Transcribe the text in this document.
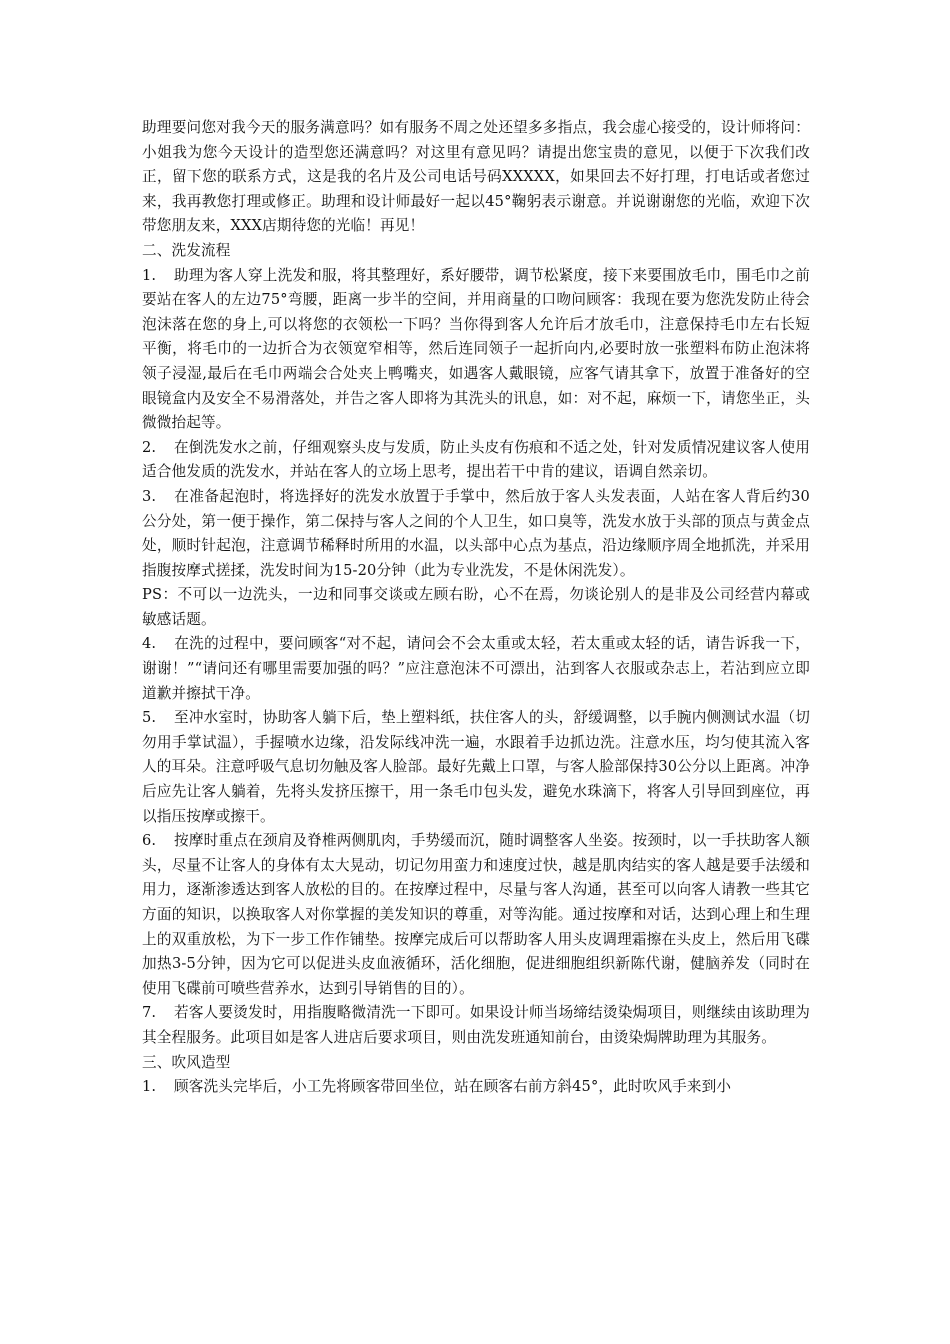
助理要问您对我今天的服务满意吗？如有服务不周之处还望多多指点，我会虚心接受的，设计师将问：小姐我为您今天设计的造型您还满意吗？对这里有意见吗？请提出您宝贵的意见，以便于下次我们改正，留下您的联系方式，这是我的名片及公司电话号码XXXXX，如果回去不好打理，打电话或者您过来，我再教您打理或修正。助理和设计师最好一起以45°鞠躬表示谢意。并说谢谢您的光临，欢迎下次带您朋友来，XXX店期待您的光临！再见！

二、洗发流程

1. 助理为客人穿上洗发和服，将其整理好，系好腰带，调节松紧度，接下来要围放毛巾，围毛巾之前要站在客人的左边75°弯腰，距离一步半的空间，并用商量的口吻问顾客：我现在要为您洗发防止待会泡沫落在您的身上,可以将您的衣领松一下吗？当你得到客人允许后才放毛巾，注意保持毛巾左右长短平衡，将毛巾的一边折合为衣领宽窄相等，然后连同领子一起折向内,必要时放一张塑料布防止泡沫将领子浸湿,最后在毛巾两端会合处夹上鸭嘴夹，如遇客人戴眼镜，应客气请其拿下，放置于准备好的空眼镜盒内及安全不易滑落处，并告之客人即将为其洗头的讯息，如：对不起，麻烦一下，请您坐正，头微微抬起等。

2. 在倒洗发水之前，仔细观察头皮与发质，防止头皮有伤痕和不适之处，针对发质情况建议客人使用适合他发质的洗发水，并站在客人的立场上思考，提出若干中肯的建议，语调自然亲切。

3. 在准备起泡时，将选择好的洗发水放置于手掌中，然后放于客人头发表面，人站在客人背后约30公分处，第一便于操作，第二保持与客人之间的个人卫生，如口臭等，洗发水放于头部的顶点与黄金点处，顺时针起泡，注意调节稀释时所用的水温，以头部中心点为基点，沿边缘顺序周全地抓洗，并采用指腹按摩式搓揉，洗发时间为15-20分钟（此为专业洗发，不是休闲洗发）。

PS：不可以一边洗头，一边和同事交谈或左顾右盼，心不在焉，勿谈论别人的是非及公司经营内幕或敏感话题。

4. 在洗的过程中，要问顾客“对不起，请问会不会太重或太轻，若太重或太轻的话，请告诉我一下，谢谢！”“请问还有哪里需要加强的吗？”应注意泡沫不可漂出，沾到客人衣服或杂志上，若沾到应立即道歉并擦拭干净。

5. 至冲水室时，协助客人躺下后，垫上塑料纸，扶住客人的头，舒缓调整，以手腕内侧测试水温（切勿用手掌试温），手握喷水边缘，沿发际线冲洗一遍，水跟着手边抓边洗。注意水压，均匀使其流入客人的耳朵。注意呼吸气息切勿触及客人脸部。最好先戴上口罩，与客人脸部保持30公分以上距离。冲净后应先让客人躺着，先将头发挤压擦干，用一条毛巾包头发，避免水珠滴下，将客人引导回到座位，再以指压按摩或擦干。

6. 按摩时重点在颈肩及脊椎两侧肌肉，手势缓而沉，随时调整客人坐姿。按颈时，以一手扶助客人额头，尽量不让客人的身体有太大晃动，切记勿用蛮力和速度过快，越是肌肉结实的客人越是要手法缓和用力，逐渐渗透达到客人放松的目的。在按摩过程中，尽量与客人沟通，甚至可以向客人请教一些其它方面的知识，以换取客人对你掌握的美发知识的尊重，对等沟能。通过按摩和对话，达到心理上和生理上的双重放松，为下一步工作作铺垫。按摩完成后可以帮助客人用头皮调理霜擦在头皮上，然后用飞碟加热3-5分钟，因为它可以促进头皮血液循环，活化细胞，促进细胞组织新陈代谢，健脑养发（同时在使用飞碟前可喷些营养水，达到引导销售的目的）。

7. 若客人要烫发时，用指腹略微清洗一下即可。如果设计师当场缔结烫染焗项目，则继续由该助理为其全程服务。此项目如是客人进店后要求项目，则由洗发班通知前台，由烫染焗牌助理为其服务。

三、吹风造型

1. 顾客洗头完毕后，小工先将顾客带回坐位，站在顾客右前方斜45°，此时吹风手来到小
